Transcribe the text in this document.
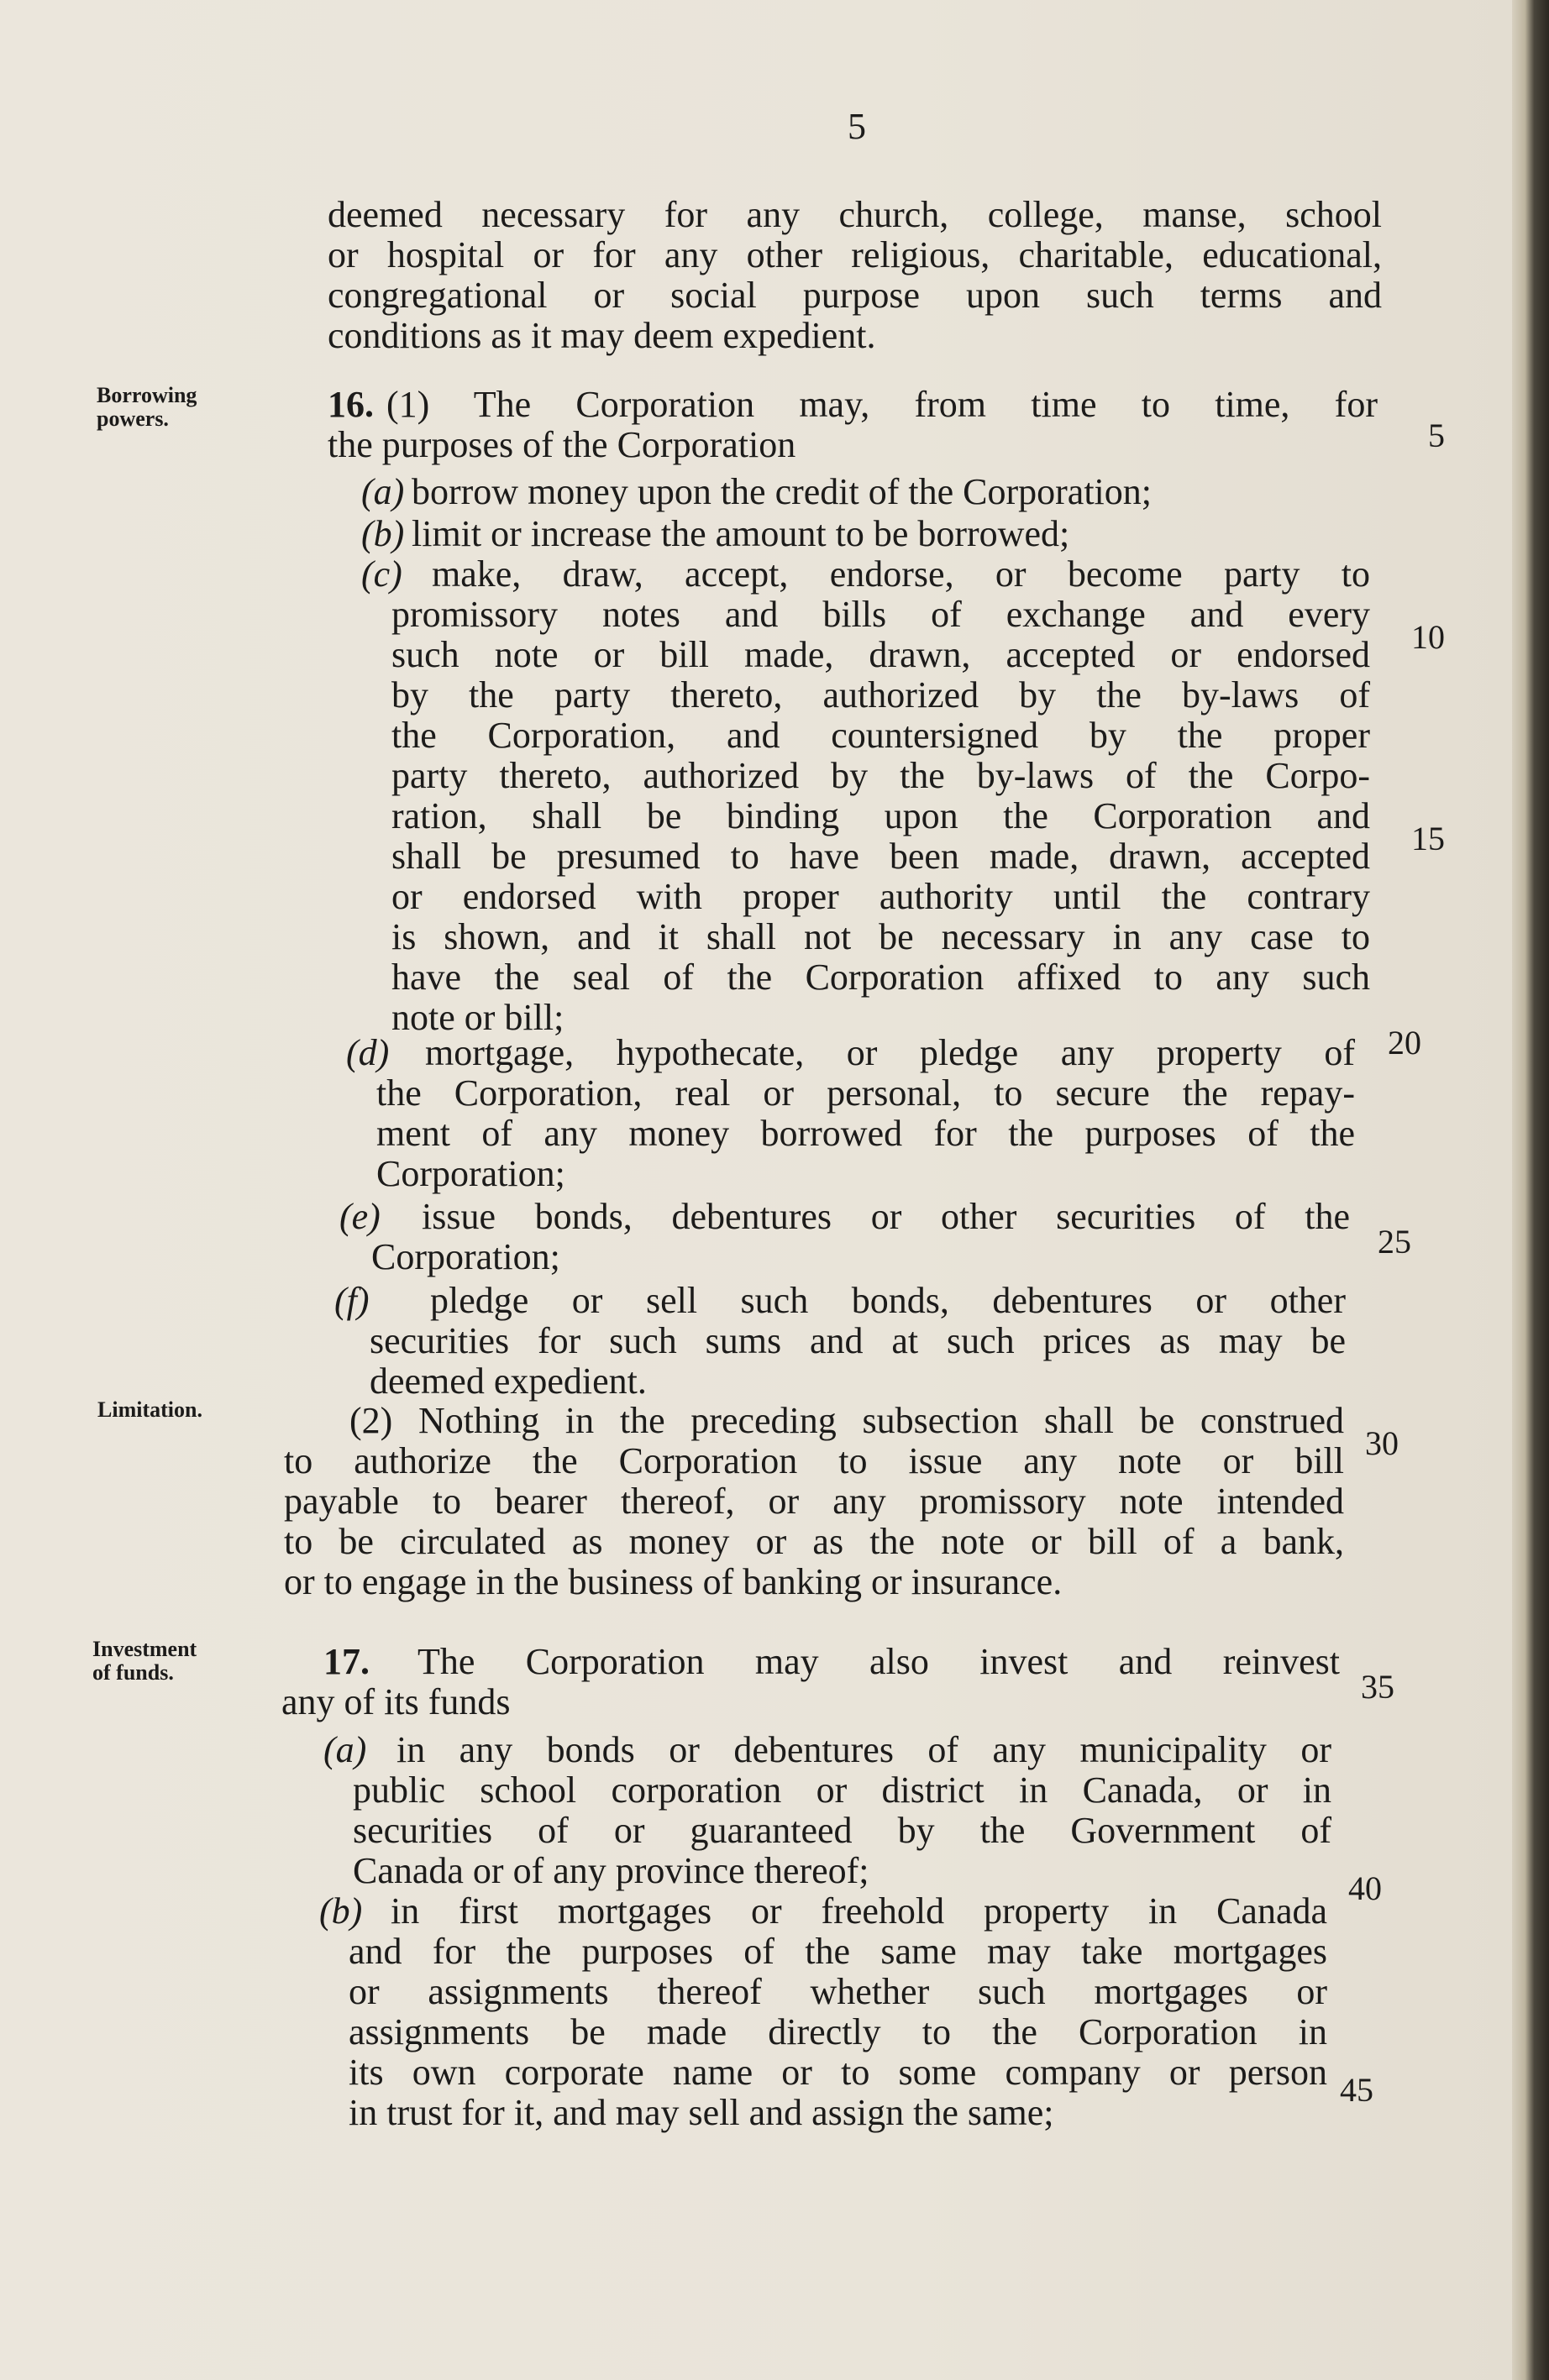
5
deemed necessary for any church, college, manse, school
or hospital or for any other religious, charitable, educational,
congregational or social purpose upon such terms and
conditions as it may deem expedient.
Borrowing
powers.	16. (1) The Corporation may, from time to time, for
the purposes of the Corporation
(a) borrow money upon the credit of the Corporation;
(b) limit or increase the amount to be borrowed;
(c) make, draw, accept, endorse, or become party to
promissory notes and bills of exchange and every
such note or bill made, drawn, accepted or endorsed
by the party thereto, authorized by the by-laws of
the Corporation, and countersigned by the proper
party thereto, authorized by the by-laws of the Corpo-
ration, shall be binding upon the Corporation and
shall be presumed to have been made, drawn, accepted
or endorsed with proper authority until the contrary
is shown, and it shall not be necessary in any case to
have the seal of the Corporation affixed to any such
note or bill;
(d) mortgage, hypothecate, or pledge any property of
the Corporation, real or personal, to secure the repay-
ment of any money borrowed for the purposes of the
Corporation;
(e) issue bonds, debentures or other securities of the
Corporation;
(f) pledge or sell such bonds, debentures or other
securities for such sums and at such prices as may be
deemed expedient.
Limitation.	(2) Nothing in the preceding subsection shall be construed
to authorize the Corporation to issue any note or bill
payable to bearer thereof, or any promissory note intended
to be circulated as money or as the note or bill of a bank,
or to engage in the business of banking or insurance.
Investment
of funds.	17. The Corporation may also invest and reinvest
any of its funds
(a) in any bonds or debentures of any municipality or
public school corporation or district in Canada, or in
securities of or guaranteed by the Government of
Canada or of any province thereof;
(b) in first mortgages or freehold property in Canada
and for the purposes of the same may take mortgages
or assignments thereof whether such mortgages or
assignments be made directly to the Corporation in
its own corporate name or to some company or person
in trust for it, and may sell and assign the same;
5
10
15
20
25
30
35
40
45
